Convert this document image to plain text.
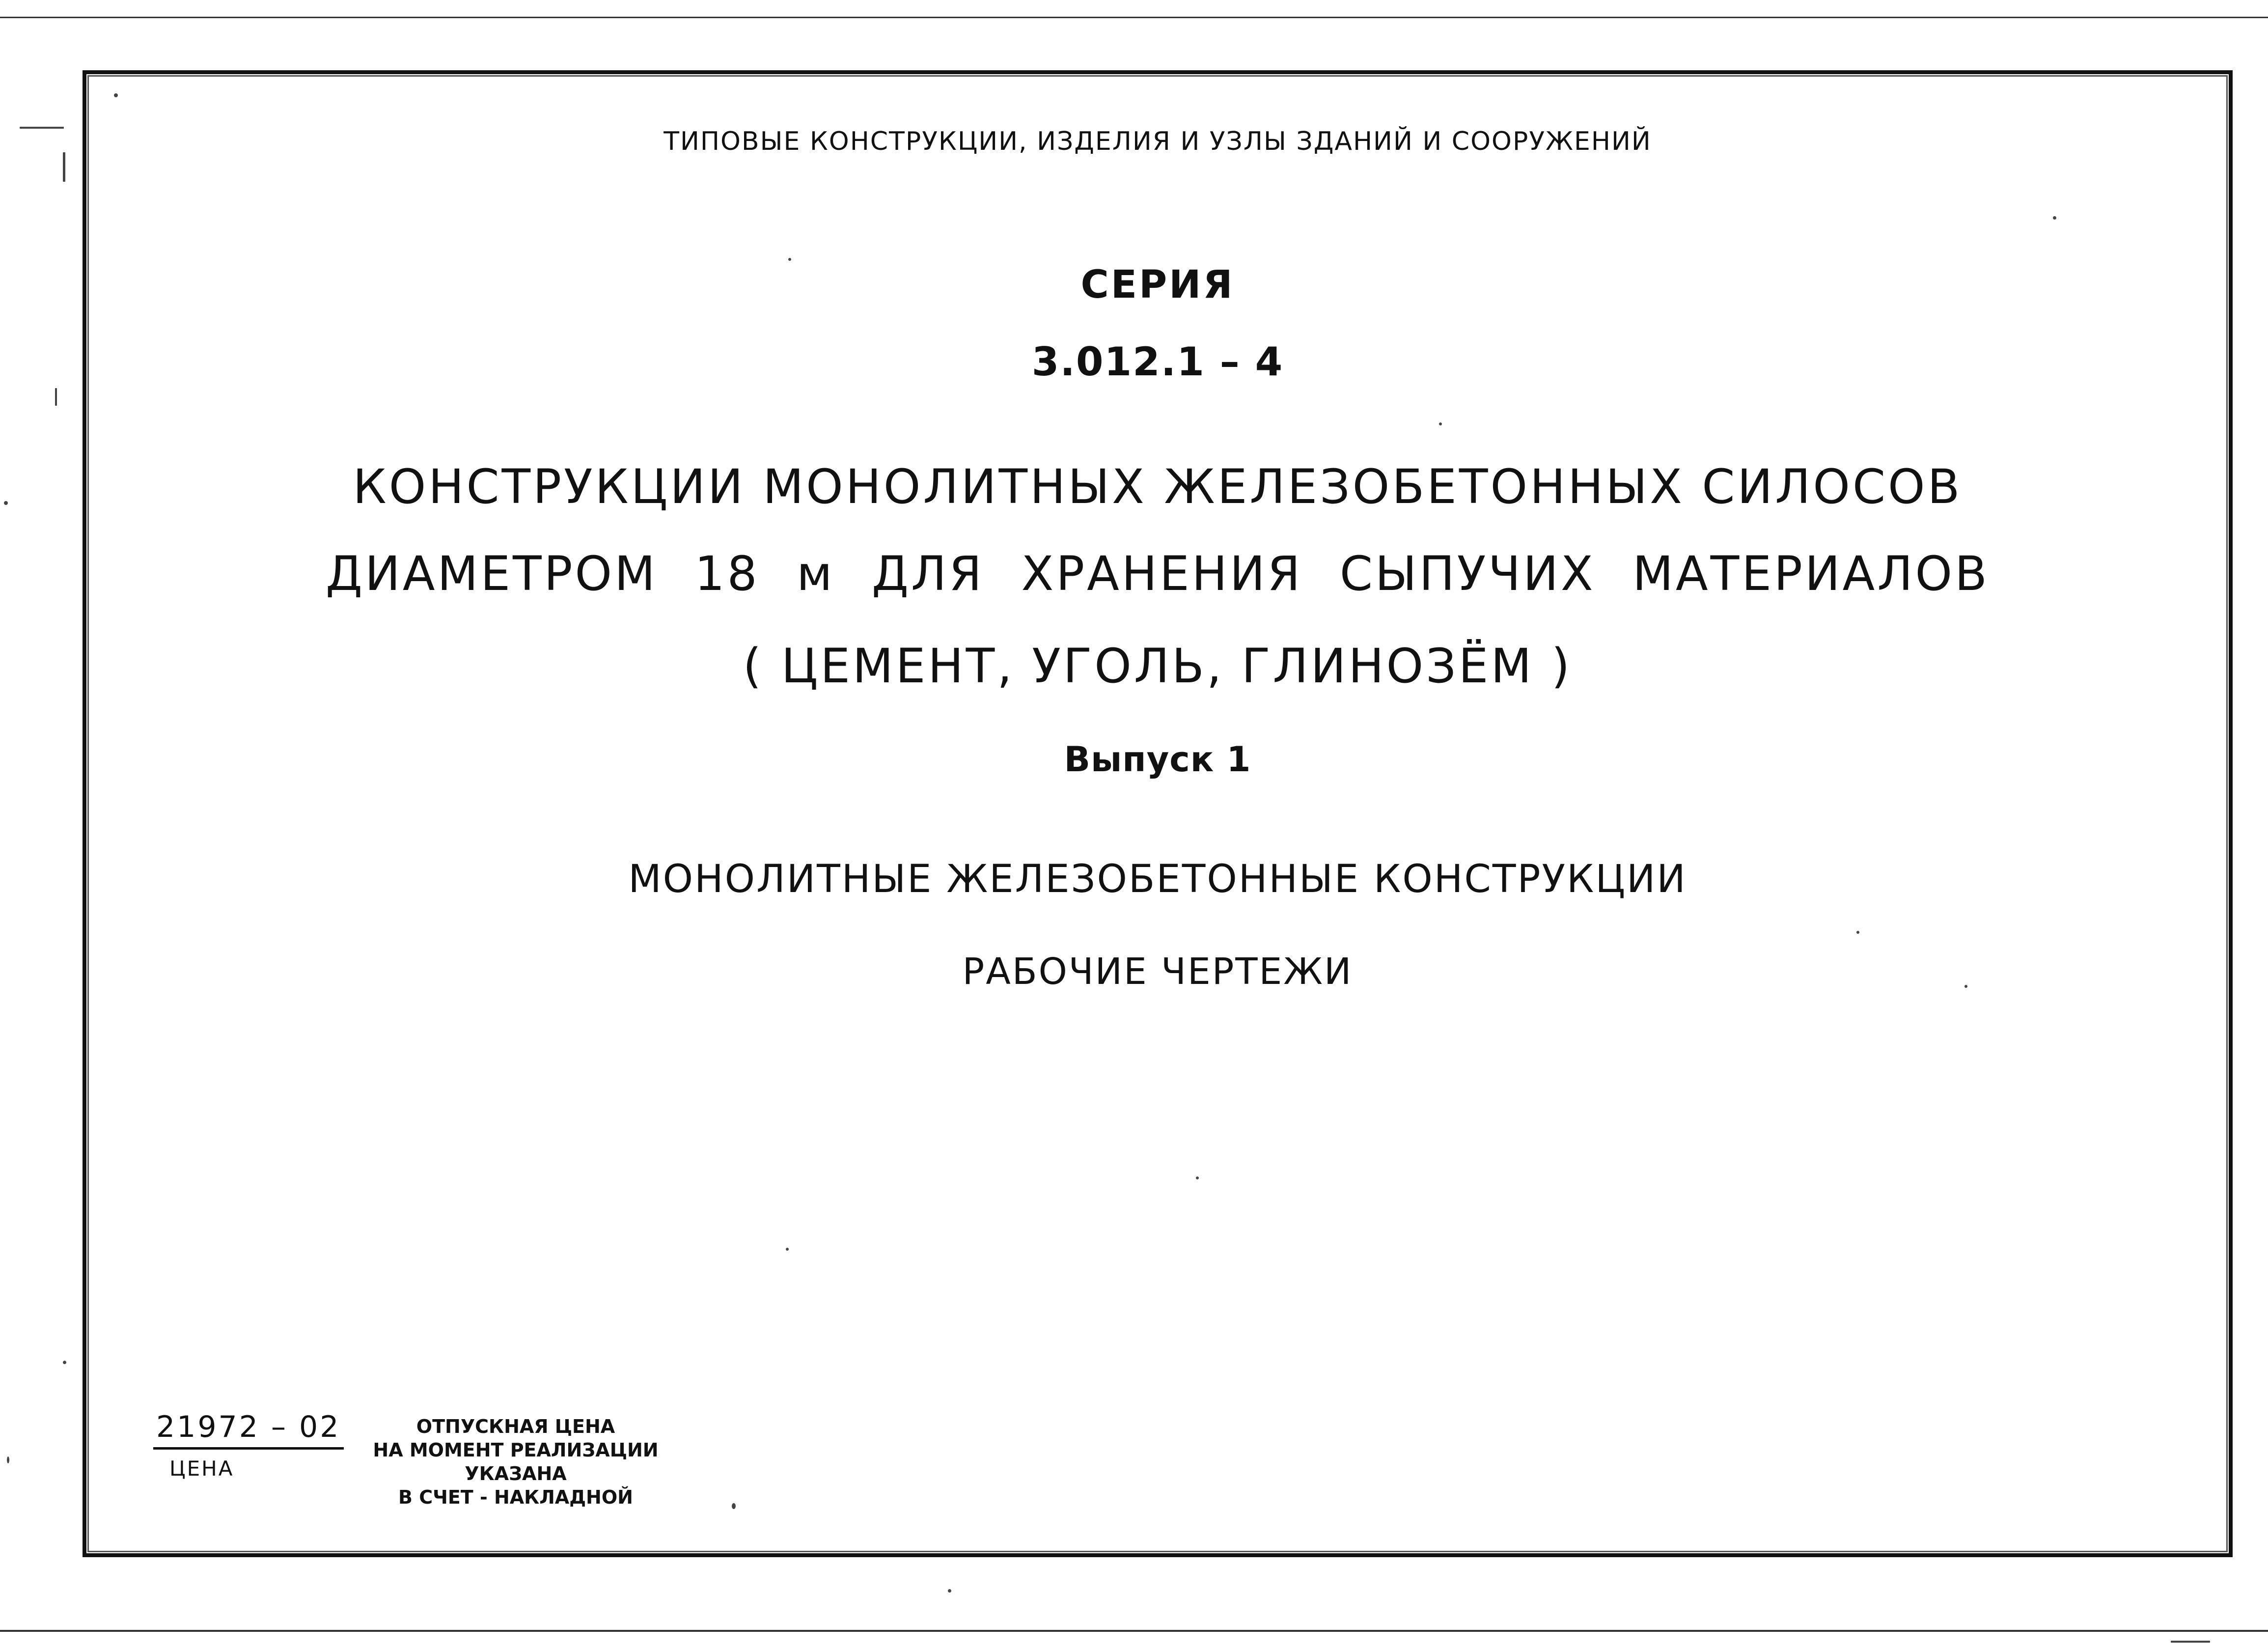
ТИПОВЫЕ КОНСТРУКЦИИ, ИЗДЕЛИЯ И УЗЛЫ ЗДАНИЙ И СООРУЖЕНИЙ
СЕРИЯ
3.012.1 – 4
КОНСТРУКЦИИ МОНОЛИТНЫХ ЖЕЛЕЗОБЕТОННЫХ СИЛОСОВ
ДИАМЕТРОМ 18 м ДЛЯ ХРАНЕНИЯ СЫПУЧИХ МАТЕРИАЛОВ
( ЦЕМЕНТ, УГОЛЬ, ГЛИНОЗЁМ )
Выпуск 1
МОНОЛИТНЫЕ ЖЕЛЕЗОБЕТОННЫЕ КОНСТРУКЦИИ
РАБОЧИЕ ЧЕРТЕЖИ
21972 – 02
ЦЕНА
ОТПУСКНАЯ ЦЕНА
НА МОМЕНТ РЕАЛИЗАЦИИ
УКАЗАНА
В СЧЕТ - НАКЛАДНОЙ
